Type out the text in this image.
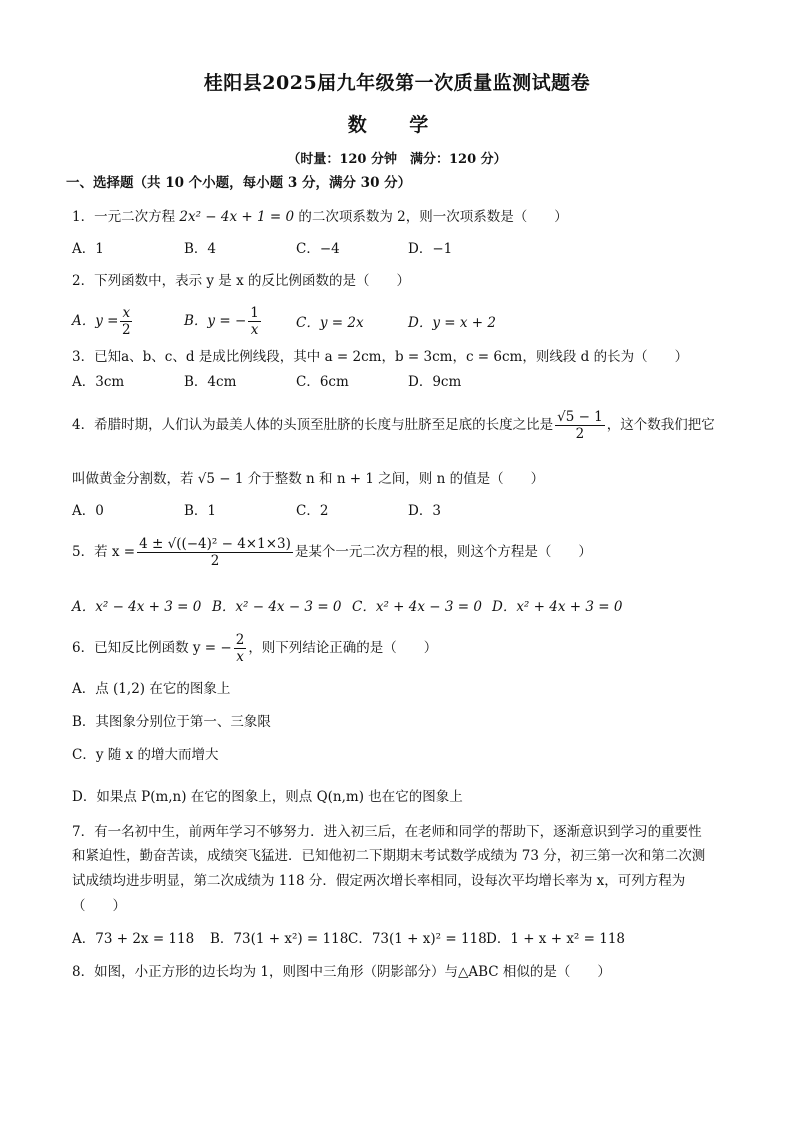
桂阳县2025届九年级第一次质量监测试题卷
数 学
（时量：120 分钟　满分：120 分）
一、选择题（共 10 个小题，每小题 3 分，满分 30 分）
1．一元二次方程 2x² − 4x + 1 = 0 的二次项系数为 2，则一次项系数是（　　）
A．1	B．4	C．−4	D．−1
2．下列函数中，表示 y 是 x 的反比例函数的是（　　）
A．$y = \frac{x}{2}$	B．y = − $\frac{1}{x}$	C．y = 2x	D．y = x + 2
3．已知a、b、c、d 是成比例线段，其中 a = 2cm，b = 3cm，c = 6cm，则线段 d 的长为（　　）
A．3cm	B．4cm	C．6cm	D．9cm
4．希腊时期，人们认为最美人体的头顶至肚脐的长度与肚脐至足底的长度之比是 $\frac{√5 - 1}{2}$ ，这个数我们把它
叫做黄金分割数，若 √5 − 1 介于整数 n 和 n + 1 之间，则 n 的值是（　　）
A．0	B．1	C．2	D．3
5．若 $x = \frac{\text{4 ± √((−4)² − 4×1×3)}}{2}$ 是某个一元二次方程的根，则这个方程是（　　）
A．x² − 4x + 3 = 0 B．x² − 4x − 3 = 0 C．x² + 4x − 3 = 0 D．x² + 4x + 3 = 0
6．已知反比例函数 y = − $\frac{2}{x}$ ，则下列结论正确的是（　　）
A．点 (1,2) 在它的图象上
B．其图象分别位于第一、三象限
C．y 随 x 的增大而增大
D．如果点 P(m,n) 在它的图象上，则点 Q(n,m) 也在它的图象上
7．有一名初中生，前两年学习不够努力．进入初三后，在老师和同学的帮助下，逐渐意识到学习的重要性
和紧迫性，勤奋苦读，成绩突飞猛进．已知他初二下期期末考试数学成绩为 73 分，初三第一次和第二次测
试成绩均进步明显，第二次成绩为 118 分．假定两次增长率相同，设每次平均增长率为 x，可列方程为
（　　）
A．73 + 2x = 118 B．73(1 + x²) = 118 C．73(1 + x)² = 118 D．1 + x + x² = 118
8．如图，小正方形的边长均为 1，则图中三角形（阴影部分）与△ABC 相似的是（　　）
